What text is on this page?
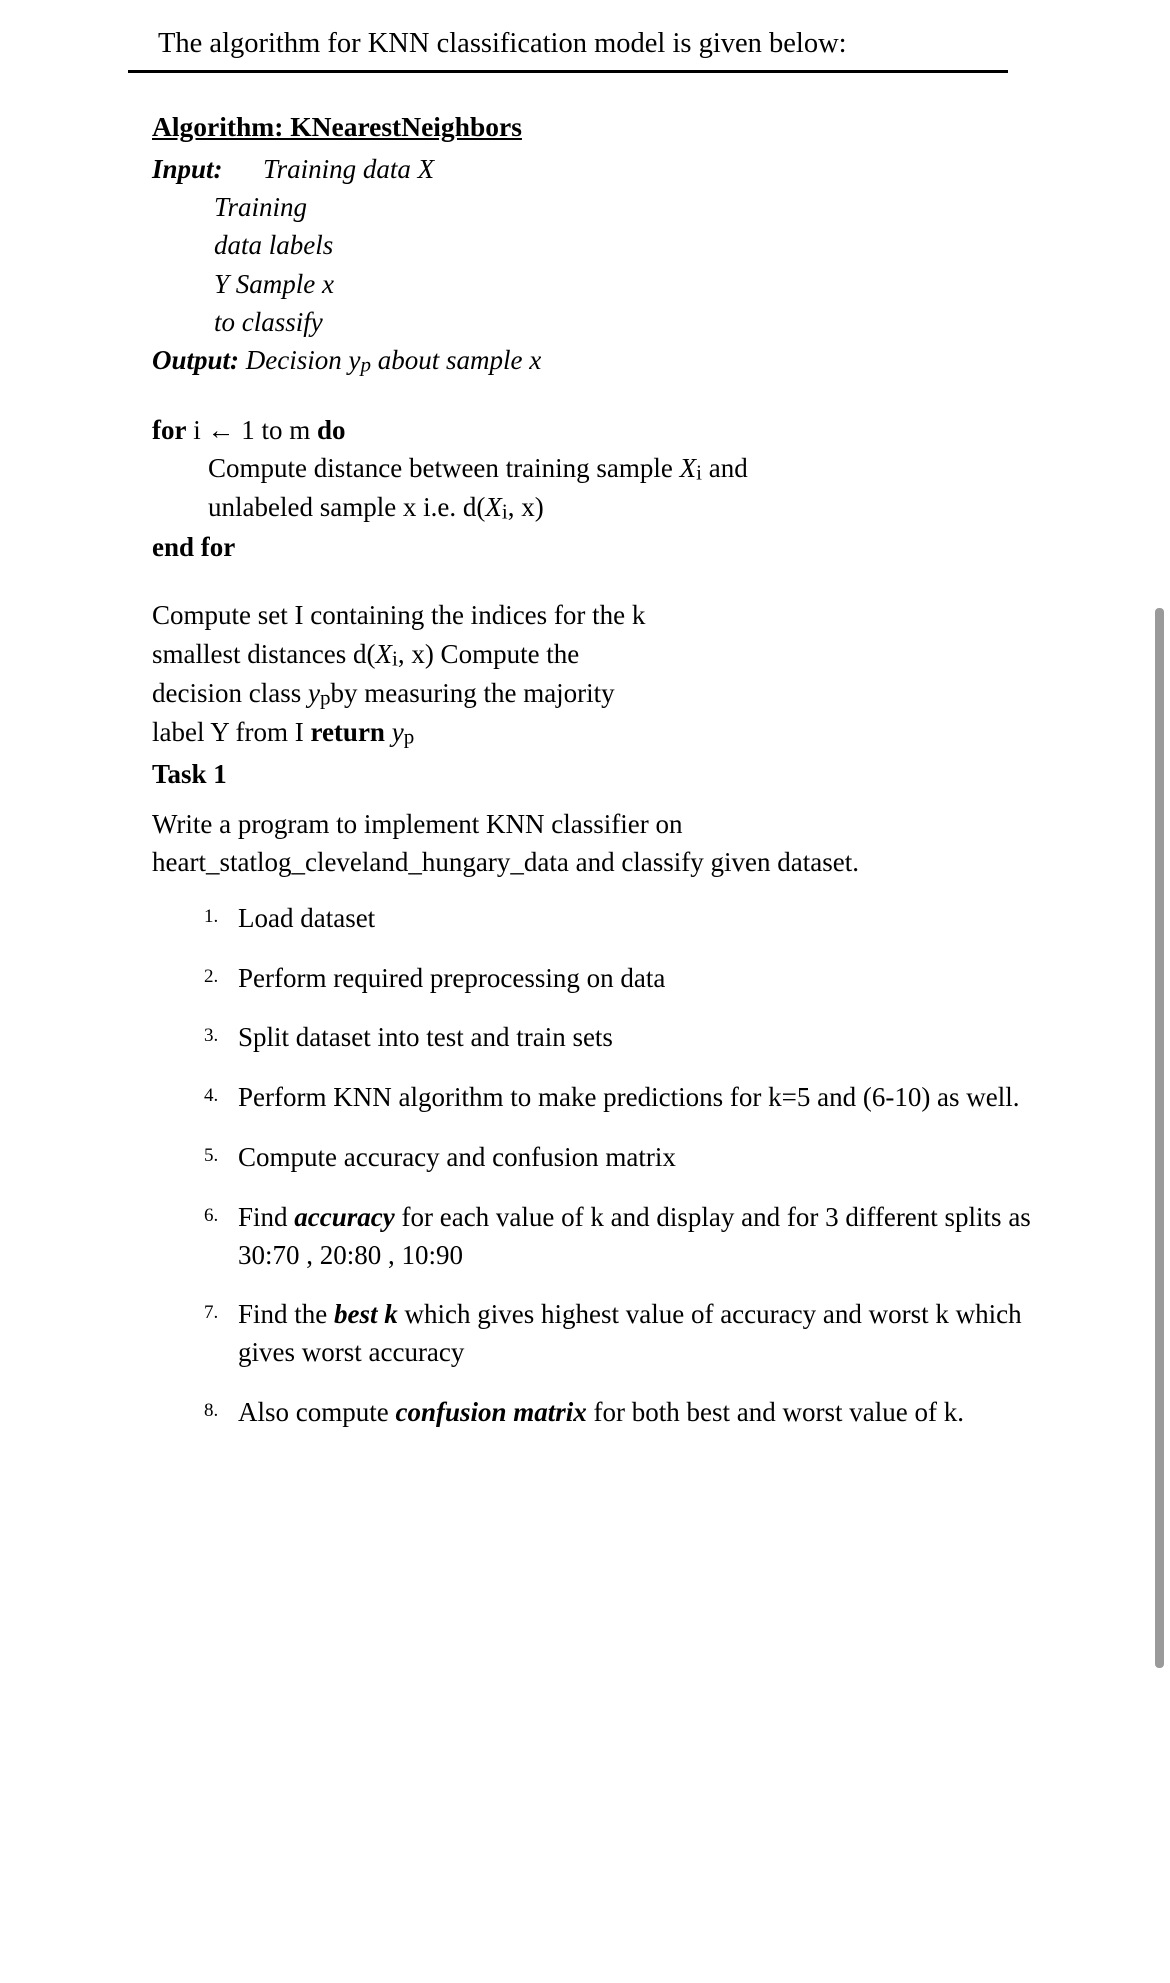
The algorithm for KNN classification model is given below:
Algorithm: KNearestNeighbors
Input: Training data X
Training
data labels
Y Sample x
to classify
Output: Decision yp about sample x
for i ← 1 to m do
Compute distance between training sample Xi and
unlabeled sample x i.e. d(Xi, x)
end for
Compute set I containing the indices for the k
smallest distances d(Xi, x) Compute the
decision class ypby measuring the majority
label Y from I return yp
Task 1
Write a program to implement KNN classifier on heart_statlog_cleveland_hungary_data and classify given dataset.
Load dataset
Perform required preprocessing on data
Split dataset into test and train sets
Perform KNN algorithm to make predictions for k=5 and (6-10) as well.
Compute accuracy and confusion matrix
Find accuracy for each value of k and display and for 3 different splits as 30:70 , 20:80 , 10:90
Find the best k which gives highest value of accuracy and worst k which gives worst accuracy
Also compute confusion matrix for both best and worst value of k.
